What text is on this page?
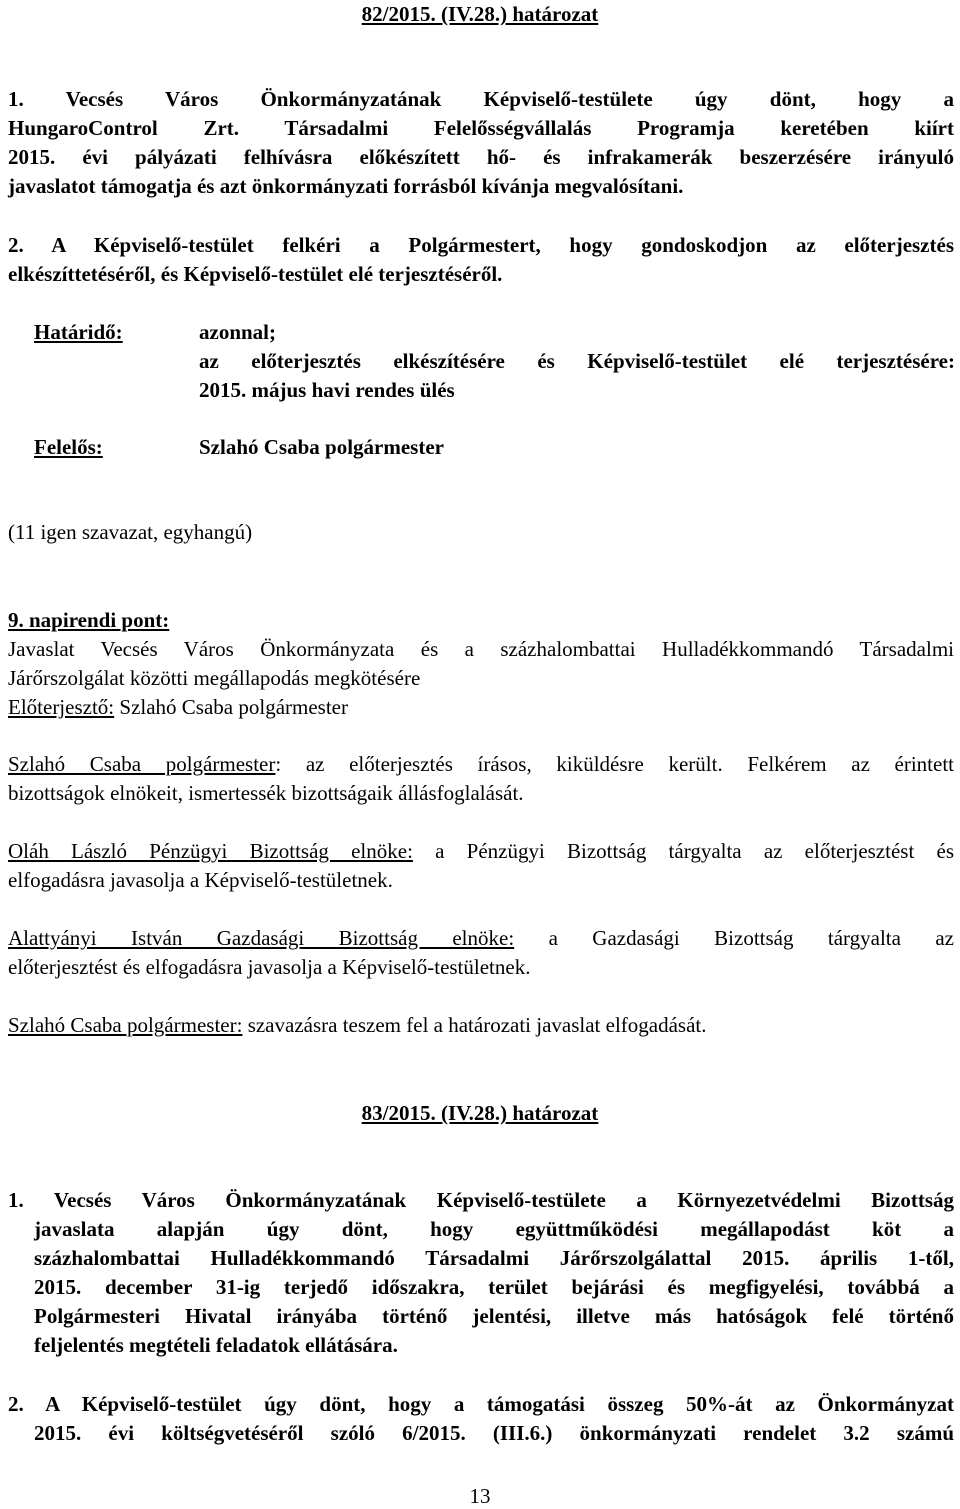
82/2015. (IV.28.) határozat
1. Vecsés Város Önkormányzatának Képviselő-testülete úgy dönt, hogy a
HungaroControl Zrt. Társadalmi Felelősségvállalás Programja keretében kiírt
2015. évi pályázati felhívásra előkészített hő- és infrakamerák beszerzésére irányuló
javaslatot támogatja és azt önkormányzati forrásból kívánja megvalósítani.
2. A Képviselő-testület felkéri a Polgármestert, hogy gondoskodjon az előterjesztés
elkészíttetéséről, és Képviselő-testület elé terjesztéséről.
Határidő:	azonnal;
az előterjesztés elkészítésére és Képviselő-testület elé terjesztésére:
2015. május havi rendes ülés
Felelős:	Szlahó Csaba polgármester
(11 igen szavazat, egyhangú)
9. napirendi pont:
Javaslat Vecsés Város Önkormányzata és a százhalombattai Hulladékkommandó Társadalmi
Járőrszolgálat közötti megállapodás megkötésére
Előterjesztő: Szlahó Csaba polgármester
Szlahó Csaba polgármester: az előterjesztés írásos, kiküldésre került. Felkérem az érintett
bizottságok elnökeit, ismertessék bizottságaik állásfoglalását.
Oláh László Pénzügyi Bizottság elnöke: a Pénzügyi Bizottság tárgyalta az előterjesztést és
elfogadásra javasolja a Képviselő-testületnek.
Alattyányi István Gazdasági Bizottság elnöke: a Gazdasági Bizottság tárgyalta az
előterjesztést és elfogadásra javasolja a Képviselő-testületnek.
Szlahó Csaba polgármester: szavazásra teszem fel a határozati javaslat elfogadását.
83/2015. (IV.28.) határozat
1. Vecsés Város Önkormányzatának Képviselő-testülete a Környezetvédelmi Bizottság
javaslata alapján úgy dönt, hogy együttműködési megállapodást köt a
százhalombattai Hulladékkommandó Társadalmi Járőrszolgálattal 2015. április 1-től,
2015. december 31-ig terjedő időszakra, terület bejárási és megfigyelési, továbbá a
Polgármesteri Hivatal irányába történő jelentési, illetve más hatóságok felé történő
feljelentés megtételi feladatok ellátására.
2. A Képviselő-testület úgy dönt, hogy a támogatási összeg 50%-át az Önkormányzat
2015. évi költségvetéséről szóló 6/2015. (III.6.) önkormányzati rendelet 3.2 számú
13
